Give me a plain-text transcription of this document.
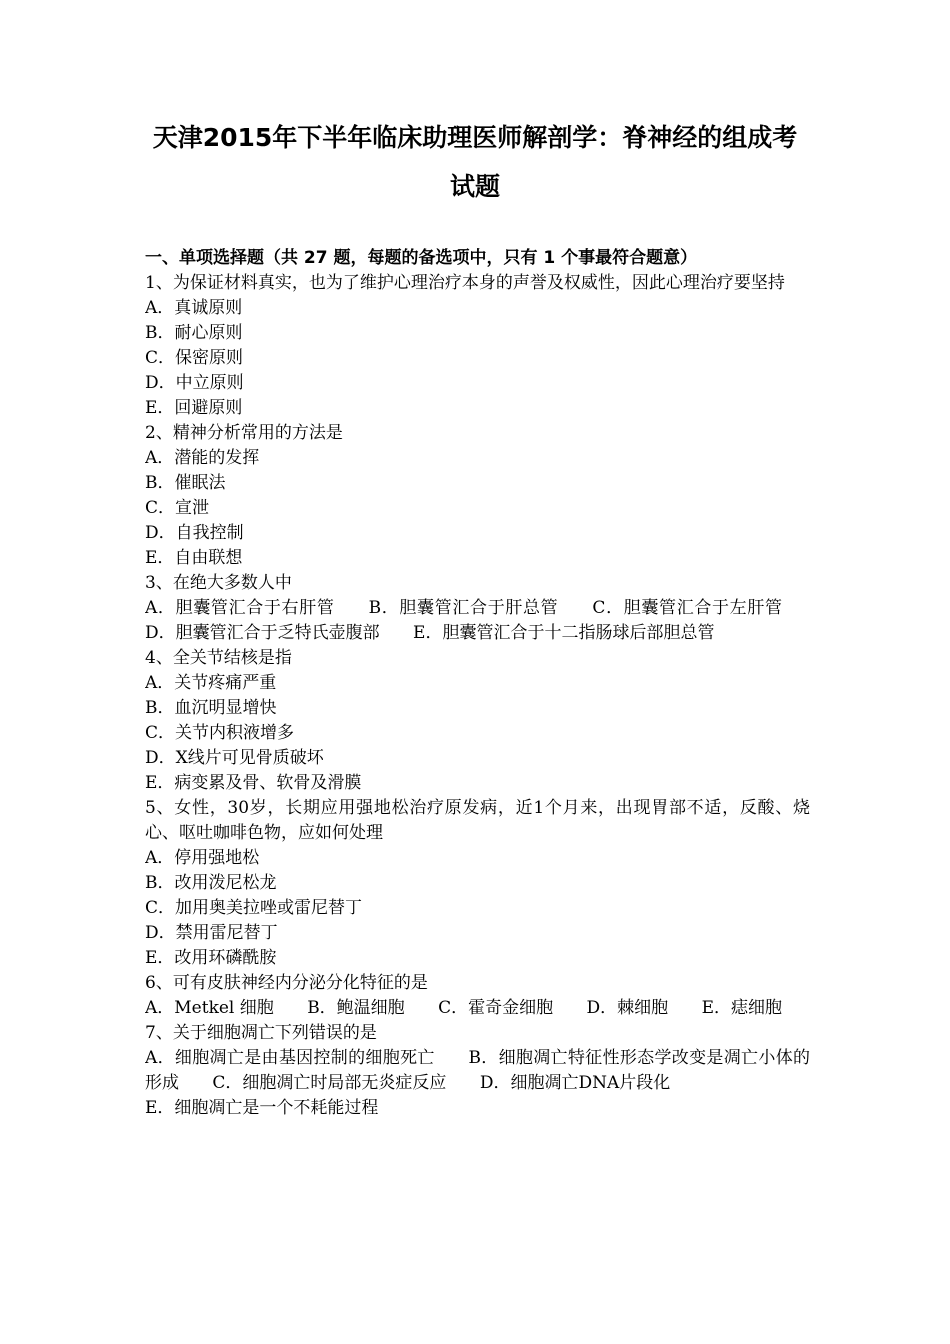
天津2015年下半年临床助理医师解剖学：脊神经的组成考
试题
一、单项选择题（共 27 题，每题的备选项中，只有 1 个事最符合题意）
1、为保证材料真实，也为了维护心理治疗本身的声誉及权威性，因此心理治疗要坚持
A．真诚原则
B．耐心原则
C．保密原则
D．中立原则
E．回避原则
2、精神分析常用的方法是
A．潜能的发挥
B．催眠法
C．宣泄
D．自我控制
E．自由联想
3、在绝大多数人中
A．胆囊管汇合于右肝管 B．胆囊管汇合于肝总管 C．胆囊管汇合于左肝管 D．胆囊管汇合于乏特氏壶腹部 E．胆囊管汇合于十二指肠球后部胆总管
4、全关节结核是指
A．关节疼痛严重
B．血沉明显增快
C．关节内积液增多
D．X线片可见骨质破坏
E．病变累及骨、软骨及滑膜
5、女性，30岁，长期应用强地松治疗原发病，近1个月来，出现胃部不适，反酸、烧心、呕吐咖啡色物，应如何处理
A．停用强地松
B．改用泼尼松龙
C．加用奥美拉唑或雷尼替丁
D．禁用雷尼替丁
E．改用环磷酰胺
6、可有皮肤神经内分泌分化特征的是
A．Metkel 细胞 B．鲍温细胞 C．霍奇金细胞 D．棘细胞 E．痣细胞
7、关于细胞凋亡下列错误的是
A．细胞凋亡是由基因控制的细胞死亡 B．细胞凋亡特征性形态学改变是凋亡小体的形成 C．细胞凋亡时局部无炎症反应 D．细胞凋亡DNA片段化
E．细胞凋亡是一个不耗能过程
